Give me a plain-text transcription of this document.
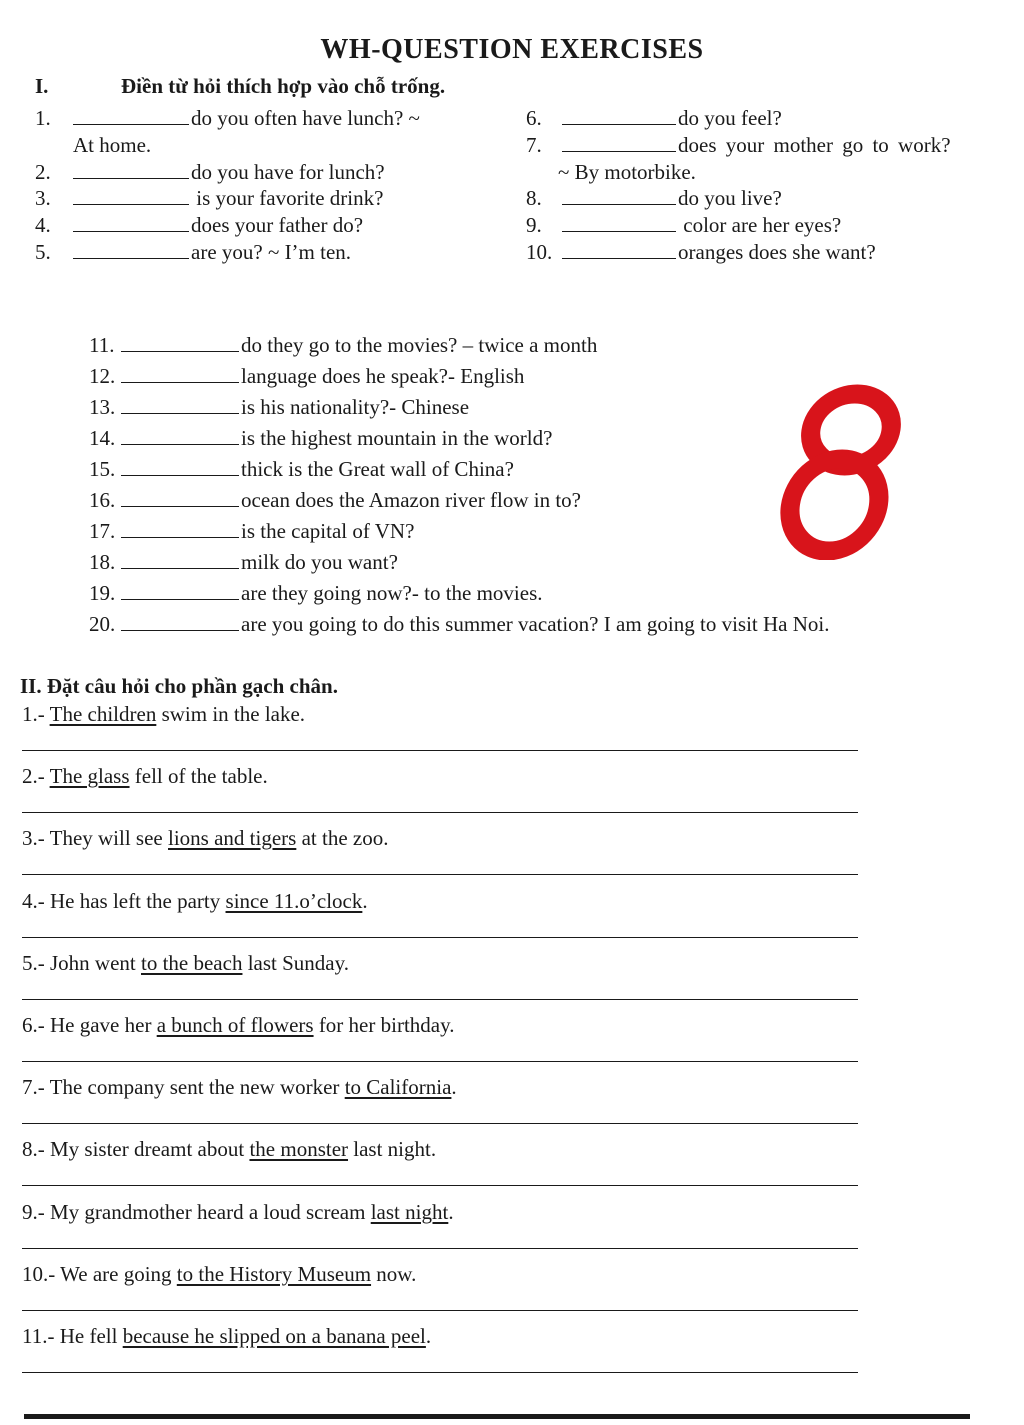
WH-QUESTION EXERCISES
I.	Điền từ hỏi thích hợp vào chỗ trống.
1.	do you often have lunch? ~
At home.
2.	do you have for lunch?
3.	is your favorite drink?
4.	does your father do?
5.	are you? ~ I’m ten.
6.	do you feel?
7.	does your mother go to work?
~ By motorbike.
8.	do you live?
9.	color are her eyes?
10.	oranges does she want?
11.	do they go to the movies? – twice a month
12.	language does he speak?- English
13.	is his nationality?- Chinese
14.	is the highest mountain in the world?
15.	thick is the Great wall of China?
16.	ocean does the Amazon river flow in to?
17.	is the capital of VN?
18.	milk do you want?
19.	are they going now?- to the movies.
20.	are you going to do this summer vacation? I am going to visit Ha Noi.
II. Đặt câu hỏi cho phần gạch chân.
1.- The children swim in the lake.
2.- The glass fell of the table.
3.- They will see lions and tigers at the zoo.
4.- He has left the party since 11.o’clock.
5.- John went to the beach last Sunday.
6.- He gave her a bunch of flowers for her birthday.
7.- The company sent the new worker to California.
8.- My sister dreamt about the monster last night.
9.- My grandmother heard a loud scream last night.
10.- We are going to the History Museum now.
11.- He fell because he slipped on a banana peel.
